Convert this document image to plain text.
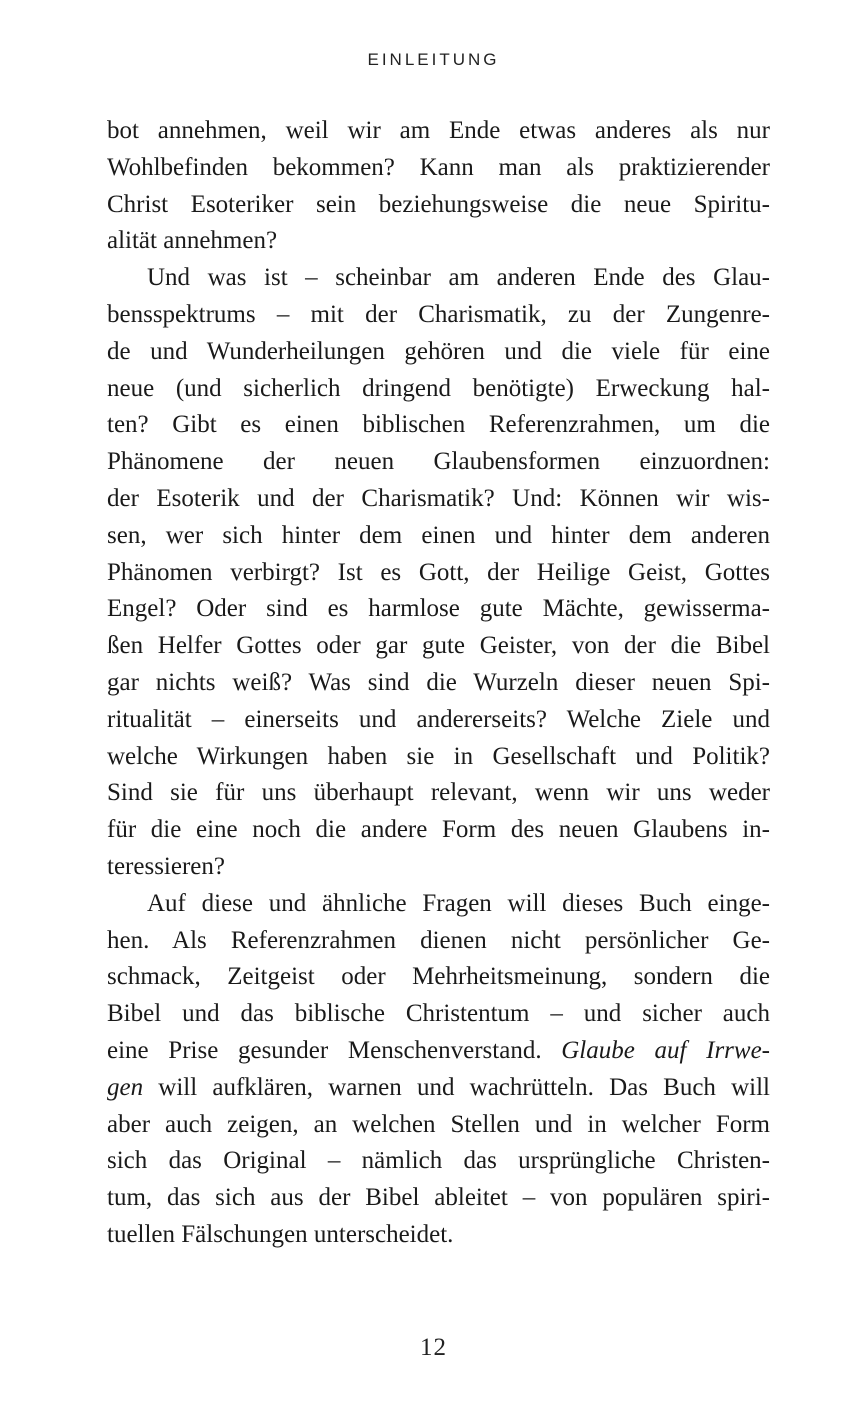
EINLEITUNG
bot annehmen, weil wir am Ende etwas anderes als nur
Wohlbefinden bekommen? Kann man als praktizierender
Christ Esoteriker sein beziehungsweise die neue Spiritu-
alität annehmen?
Und was ist – scheinbar am anderen Ende des Glau-
bensspektrums – mit der Charismatik, zu der Zungenre-
de und Wunderheilungen gehören und die viele für eine
neue (und sicherlich dringend benötigte) Erweckung hal-
ten? Gibt es einen biblischen Referenzrahmen, um die
Phänomene der neuen Glaubensformen einzuordnen:
der Esoterik und der Charismatik? Und: Können wir wis-
sen, wer sich hinter dem einen und hinter dem anderen
Phänomen verbirgt? Ist es Gott, der Heilige Geist, Gottes
Engel? Oder sind es harmlose gute Mächte, gewisserma-
ßen Helfer Gottes oder gar gute Geister, von der die Bibel
gar nichts weiß? Was sind die Wurzeln dieser neuen Spi-
ritualität – einerseits und andererseits? Welche Ziele und
welche Wirkungen haben sie in Gesellschaft und Politik?
Sind sie für uns überhaupt relevant, wenn wir uns weder
für die eine noch die andere Form des neuen Glaubens in-
teressieren?
Auf diese und ähnliche Fragen will dieses Buch einge-
hen. Als Referenzrahmen dienen nicht persönlicher Ge-
schmack, Zeitgeist oder Mehrheitsmeinung, sondern die
Bibel und das biblische Christentum – und sicher auch
eine Prise gesunder Menschenverstand. Glaube auf Irrwe-
gen will aufklären, warnen und wachrütteln. Das Buch will
aber auch zeigen, an welchen Stellen und in welcher Form
sich das Original – nämlich das ursprüngliche Christen-
tum, das sich aus der Bibel ableitet – von populären spiri-
tuellen Fälschungen unterscheidet.
12
